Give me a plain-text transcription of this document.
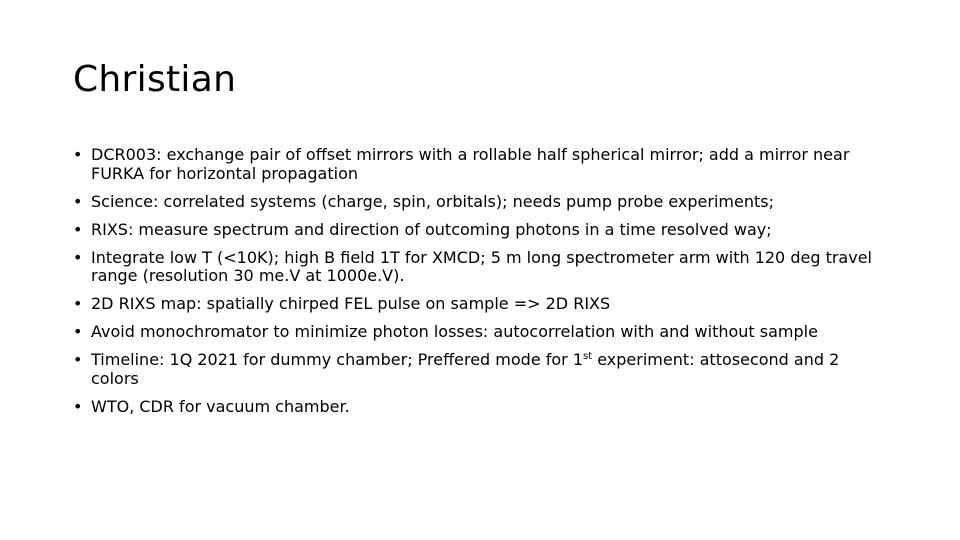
Christian
• DCR003: exchange pair of offset mirrors with a rollable half spherical mirror; add a mirror near FURKA for horizontal propagation
• Science: correlated systems (charge, spin, orbitals); needs pump probe experiments;
• RIXS: measure spectrum and direction of outcoming photons in a time resolved way;
• Integrate low T (<10K); high B field 1T for XMCD; 5 m long spectrometer arm with 120 deg travel range (resolution 30 me.V at 1000e.V).
• 2D RIXS map: spatially chirped FEL pulse on sample => 2D RIXS
• Avoid monochromator to minimize photon losses: autocorrelation with and without sample
• Timeline: 1Q 2021 for dummy chamber; Preffered mode for 1st experiment: attosecond and 2 colors
• WTO, CDR for vacuum chamber.
